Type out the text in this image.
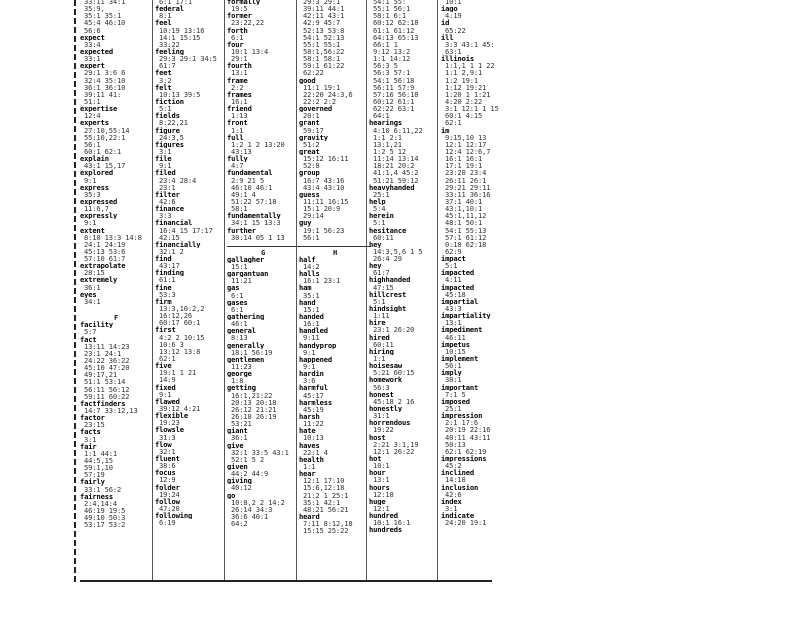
33:11 34:1
35:9,
35:1 35:1
45:4 46:10
56:6
expect
33:4
expected
33:1
expert
29:1 3:6 6
32:4 35:10
36:1 36:10
39:11 41:
51:1
expertise
12:4
experts
27:10,55:14
55:10,22:1
56:1
60:1 62:1
explain
43:1 15,17
explored
9:1
express
35:3
expressed
11:6,7
expressly
9:1
extent
8:10 13:3 14:8
24:1 24:19
45:13 53:6
57:10 61:7
extrapolate
28:15
extremely
36:1
eyes
34:1
F
facility
5:7
fact
13:11 14:23
23:1 24:1
24:22 36:22
45:10 47:20
49:17,21
51:1 53:14
56:11 56:12
59:11 60:22
factfinders
14:7 33:12,13
factor
23:15
facts
3:1
fair
1:1 44:1
44:5,15
59:1,10
57:19
fairly
33:1 56:2
fairness
2:4,14:4
46:19 19:5
49:10 50:3
53:17 53:2
6:1 17:1
federal
8:1
feel
10:19 13:16
14:1 15:15
33:22
feeling
29:3 29:1 34:5
61:7
feet
3:2
felt
10:13 39:5
fiction
5:1
fields
8:22,21
figure
24:3,5
figures
3:1
file
9:1
filed
23:4 28:4
23:1
filter
42:6
finance
3:3
financial
16:4 15 17:17
42:15
financially
32:1 2
find
43:17
finding
61:1
fine
53:3
firm
13:3,10:2,2
16:12,26
60:17 60:1
first
4:2 2 10:15
10:6 3
13:12 13:8
62:1
five
19:1 1 21
14:9
fixed
9:1
flawed
39:12 4:21
flexible
19:23
flowsle
31:3
flow
32:1
fluent
38:6
focus
12:9
folder
19:24
follow
47:20
following
6:19
formally
19:5
former
23:22,22
forth
6:1
four
10:1 13:4
29:1
fourth
13:1
frame
2:2
frames
16:1
friend
1:13
front
1:1
full
1:2 1 2 13:20
43:13
fully
4:7
fundamental
2:9 21 5
46:10 46:1
49:1 4
51:22 57:18
58:1
fundamentally
34:1 15 13:3
further
30:14 05 1 13
G
gallagher
15:1
gargantuan
11:21
gas
6:1
gases
6:1
gathering
46:1
general
8:13
generally
18:1 56:19
gentlemen
11:23
george
1:8
getting
16:1,21:22
20:13 20:18
26:12 21:21
26:18 26:19
53:21
giant
36:1
give
32:1 33:5 43:1
52:1 5 2
given
44:2 44:9
giving
40:12
go
10:8,2 2 14:2
26:14 34:3
36:6 40:1
64:2
29:3 29:1
39:11 44:1
42:11 43:1
42:9 45:7
52:13 53:8
54:1 52:13
55:1 55:1
58:1,56:22
58:1 58:1
59:1 61:22
62:22
good
11:1 19:1
22:20 24:3,6
22:2 2:2
governed
20:1
grant
59:17
gravity
51:2
great
15:12 16:11
52:8
group
16:7 43:16
43:4 43:10
guess
11:11 16:15
15:1 20:9
29:14
guy
19:1 56:23
56:1
H
half
14:2
halls
16:1 23:1
ham
35:1
hand
15:1
handed
16:1
handled
9:11
handyprop
9:1
happened
9:1
hardin
3:6
harmful
45:17
harmless
45:19
harsh
11:22
hate
10:13
haves
22:1 4
health
1:1
hear
12:1 17:10
15:6,12:18
21:2 1 25:1
35:1 42:1
48:21 56:21
heard
7:11 8:12,18
15:15 25:22
54:1 55:
55:1 56:1
58:1 6:1
60:12 62:18
61:1 61:12
64:13 65:13
66:1 1
9:12 13:2
1:1 14:12
56:3 5
56:3 57:1
54:1 56:18
56:11 57:9
57:16 56:18
60:12 61:1
62:22 63:1
64:1
hearings
4:10 6:11,22
1:1 2:1
13:1,21
1:2 5 12
11:14 13:14
18:21 20:2
41:1,4 45:2
51:21 59:12
heavyhanded
25:1
help
5:4
herein
5:1
hesitance
60:11
hey
14:3,5,6 1 5
26:4 29
hey
61:7
highhanded
47:15
hillcrest
5:1
hindsight
1:11
hire
23:1 26:20
hired
60:11
hiring
1:1
hoisesaw
5:21 60:15
homework
56:3
honest
45:18 2 16
honestly
31:1
horrendous
19:22
host
2:21 3:1,19
12:1 26:22
hot
10:1
hour
13:1
hours
12:18
huge
12:1
hundred
10:1 16:1
hundreds
10:1
iago
4:19
id
65:22
ill
3:3 43:1 45:
63:1
illinois
1:1,1 1 1 22
1:1 2,9:1
1:2 19:1
1:12 19:21
1:20 1 1:21
4:20 2:22
3:1 12:1 1 15
60:1 4:15
62:1
im
9:15,10 13
12:1 12:17
12:4 12:6,7
16:1 16:1
17:1 19:1
23:20 23:4
26:11 26:1
29:21 29:11
33:11 36:16
37:1 40:1
43:1,10:1
45:1,11,12
48:1 50:1
54:1 55:13
57:1 61:12
0:10 62:18
62:9
impact
5:1
impacted
4:11
impacted
45:18
impartial
43:3
impartiality
13:1
impediment
46:11
impetus
10:15
implement
56:1
imply
38:1
important
7:1 5
imposed
25:1
impression
2:1 17:6
20:19 22:16
40:11 43:11
50:13
62:1 62:19
impressions
45:2
inclined
14:10
inclusion
42:6
index
3:1
indicate
24:20 19:1
